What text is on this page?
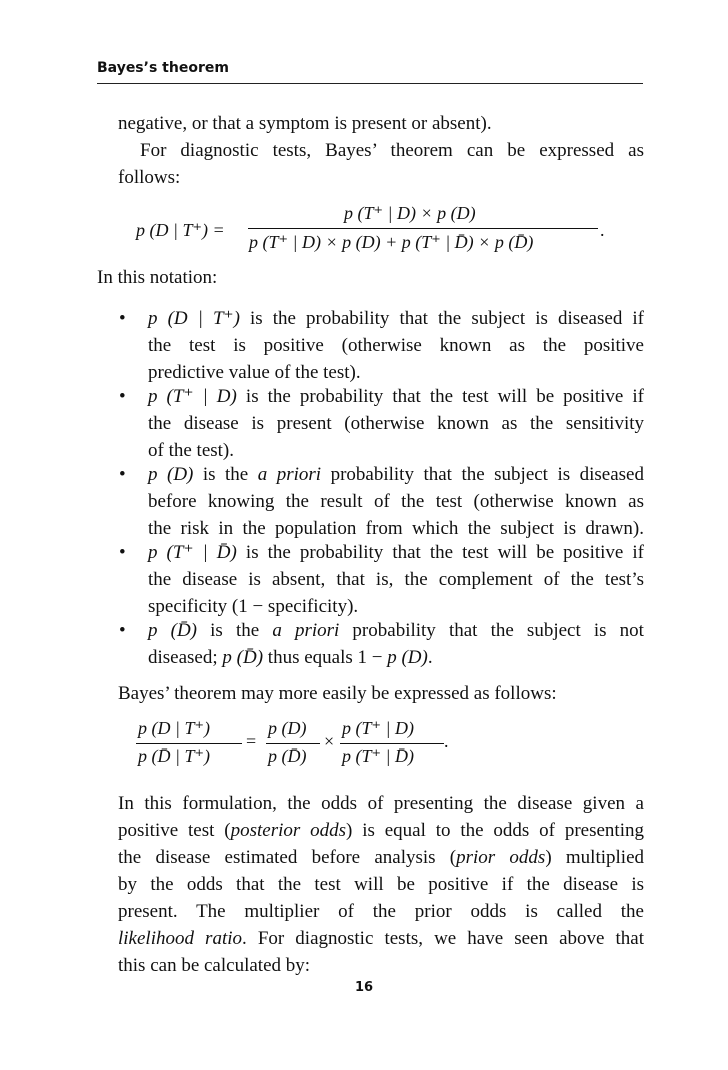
Bayes’s theorem
negative, or that a symptom is present or absent).
For diagnostic tests, Bayes’ theorem can be expressed as
follows:
p (D | T⁺) =
p (T⁺ | D) × p (D)
p (T⁺ | D) × p (D) + p (T⁺ | D̄) × p (D̄)
.
In this notation:
• p (D | T⁺) is the probability that the subject is diseased if
the test is positive (otherwise known as the positive
predictive value of the test).
• p (T⁺ | D) is the probability that the test will be positive if
the disease is present (otherwise known as the sensitivity
of the test).
• p (D) is the a priori probability that the subject is diseased
before knowing the result of the test (otherwise known as
the risk in the population from which the subject is drawn).
• p (T⁺ | D̄) is the probability that the test will be positive if
the disease is absent, that is, the complement of the test’s
specificity (1 − specificity).
• p (D̄) is the a priori probability that the subject is not
diseased; p (D̄) thus equals 1 − p (D).
Bayes’ theorem may more easily be expressed as follows:
p (D | T⁺)
p (D̄ | T⁺)
=
p (D)
p (D̄)
×
p (T⁺ | D)
p (T⁺ | D̄)
.
In this formulation, the odds of presenting the disease given a
positive test (posterior odds) is equal to the odds of presenting
the disease estimated before analysis (prior odds) multiplied
by the odds that the test will be positive if the disease is
present. The multiplier of the prior odds is called the
likelihood ratio. For diagnostic tests, we have seen above that
this can be calculated by:
16
